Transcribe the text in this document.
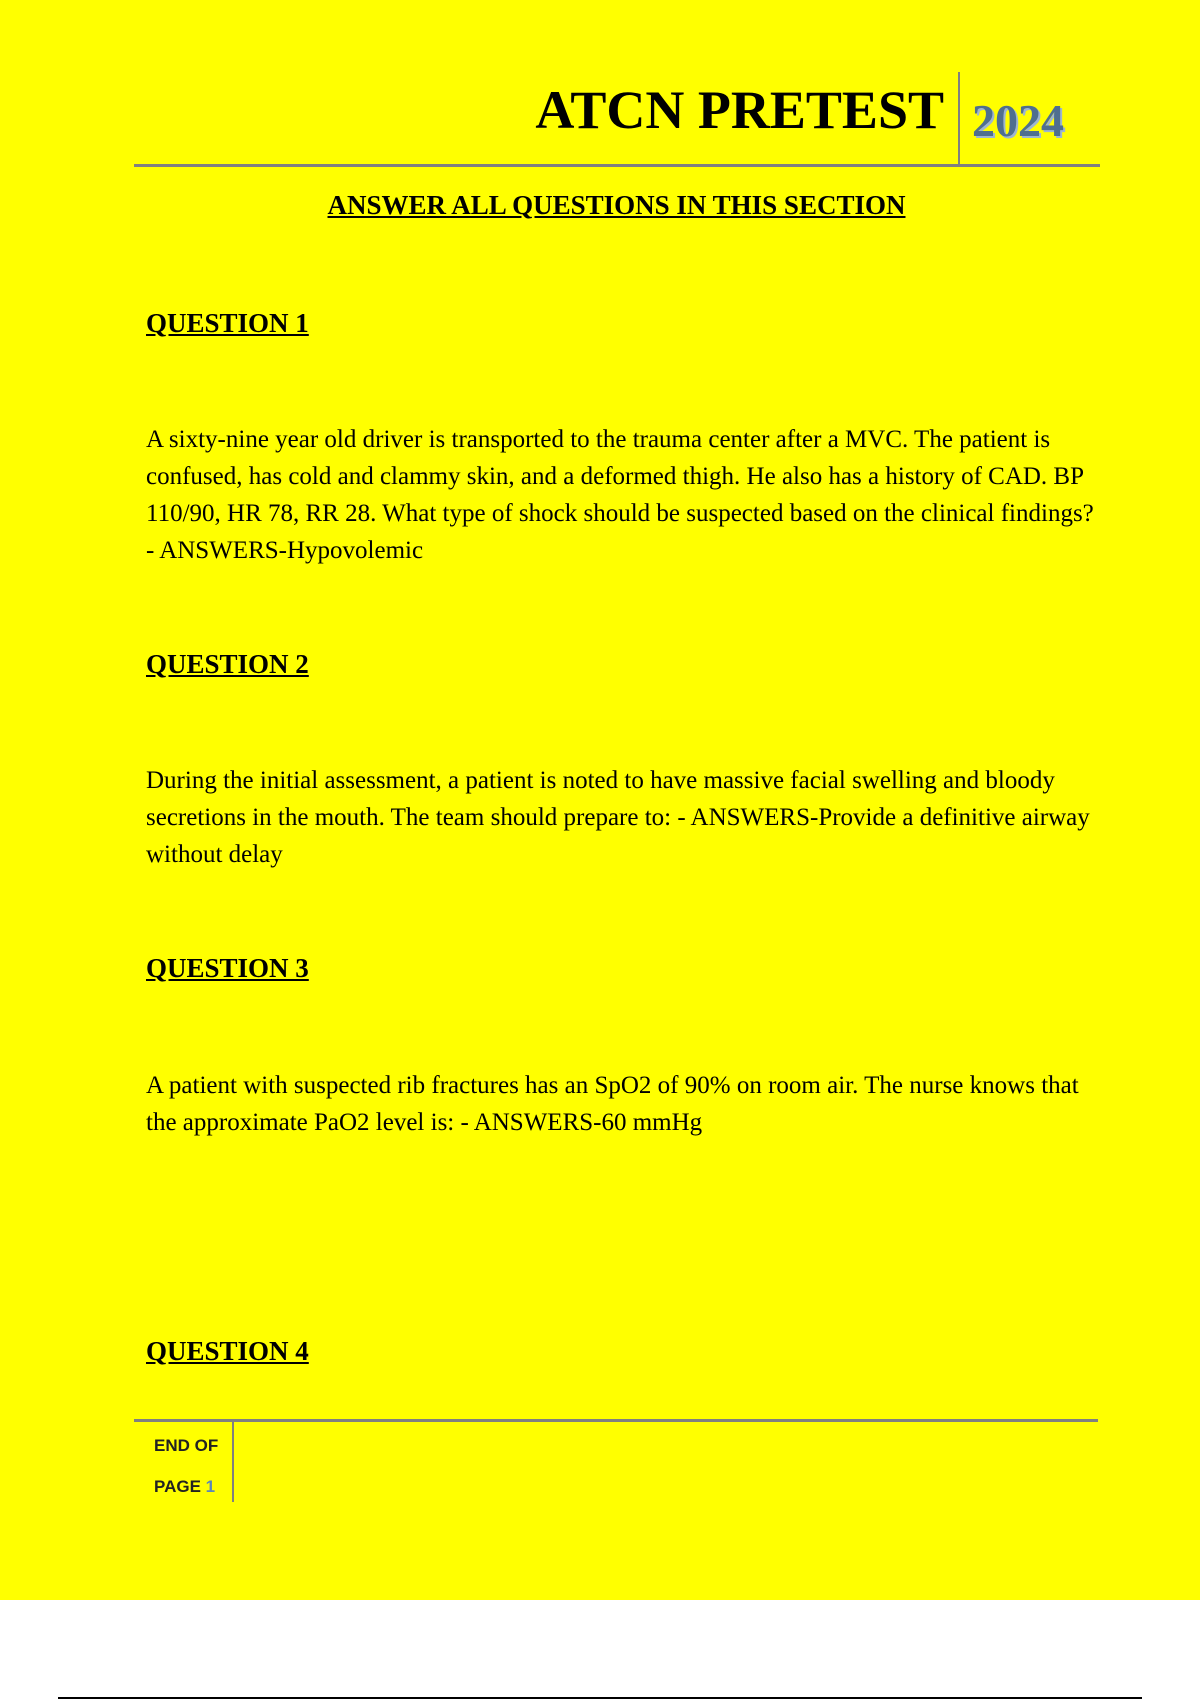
ATCN PRETEST 2024
ANSWER ALL QUESTIONS IN THIS SECTION
QUESTION 1
A sixty-nine year old driver is transported to the trauma center after a MVC. The patient is confused, has cold and clammy skin, and a deformed thigh. He also has a history of CAD. BP 110/90, HR 78, RR 28. What type of shock should be suspected based on the clinical findings? - ANSWERS-Hypovolemic
QUESTION 2
During the initial assessment, a patient is noted to have massive facial swelling and bloody secretions in the mouth. The team should prepare to: - ANSWERS-Provide a definitive airway without delay
QUESTION 3
A patient with suspected rib fractures has an SpO2 of 90% on room air. The nurse knows that the approximate PaO2 level is: - ANSWERS-60 mmHg
QUESTION 4
END OF
PAGE 1
